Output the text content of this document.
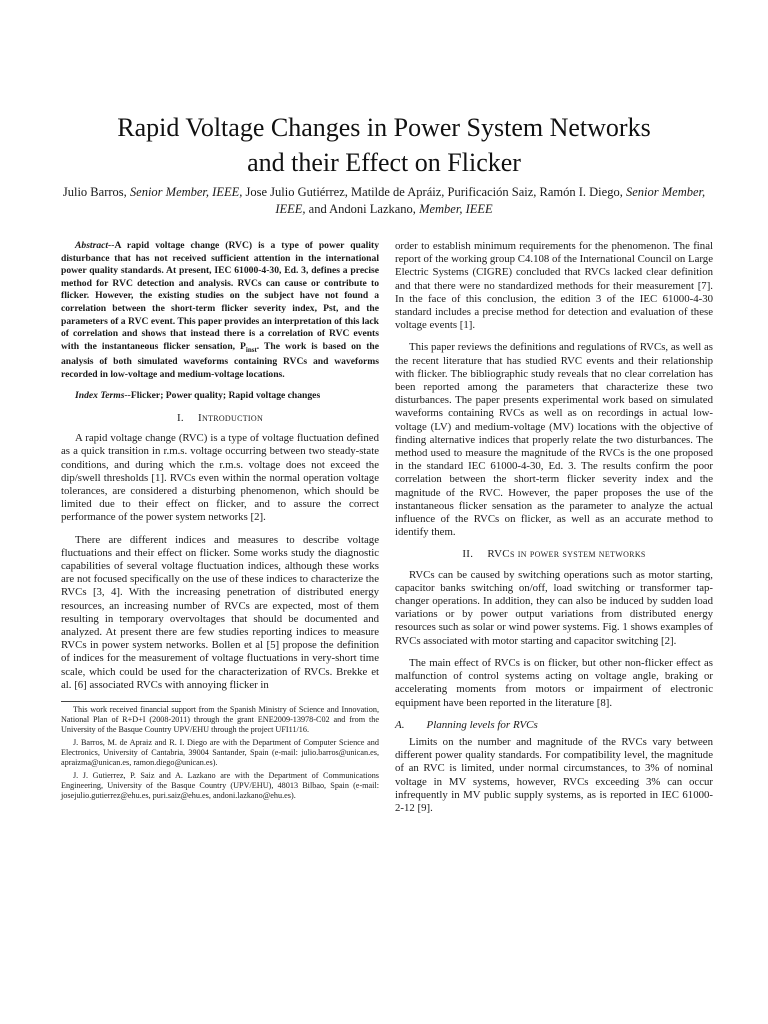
Rapid Voltage Changes in Power System Networks
and their Effect on Flicker

Julio Barros, Senior Member, IEEE, Jose Julio Gutiérrez, Matilde de Apráiz, Purificación Saiz, Ramón I. Diego, Senior Member, IEEE, and Andoni Lazkano, Member, IEEE

Abstract--A rapid voltage change (RVC) is a type of power quality disturbance that has not received sufficient attention in the international power quality standards. At present, IEC 61000-4-30, Ed. 3, defines a precise method for RVC detection and analysis. RVCs can cause or contribute to flicker. However, the existing studies on the subject have not found a correlation between the short-term flicker severity index, Pst, and the parameters of a RVC event. This paper provides an interpretation of this lack of correlation and shows that instead there is a correlation of RVC events with the instantaneous flicker sensation, $P_{inst}$. The work is based on the analysis of both simulated waveforms containing RVCs and waveforms recorded in low-voltage and medium-voltage locations.

Index Terms--Flicker; Power quality; Rapid voltage changes

I. Introduction

A rapid voltage change (RVC) is a type of voltage fluctuation defined as a quick transition in r.m.s. voltage occurring between two steady-state conditions, and during which the r.m.s. voltage does not exceed the dip/swell thresholds [1]. RVCs even within the normal operation voltage tolerances, are considered a disturbing phenomenon, which should be limited due to their effect on flicker, and to assure the correct performance of the power system networks [2].

There are different indices and measures to describe voltage fluctuations and their effect on flicker. Some works study the diagnostic capabilities of several voltage fluctuation indices, although these works are not focused specifically on the use of these indices to characterize the RVCs [3, 4]. With the increasing penetration of distributed energy resources, an increasing number of RVCs are expected, most of them resulting in temporary overvoltages that should be documented and analyzed. At present there are few studies reporting indices to measure RVCs in power system networks. Bollen et al [5] propose the definition of indices for the measurement of voltage fluctuations in very-short time scale, which could be used for the characterization of RVCs. Brekke et al. [6] associated RVCs with annoying flicker in

This work received financial support from the Spanish Ministry of Science and Innovation, National Plan of R+D+I (2008-2011) through the grant ENE2009-13978-C02 and from the University of the Basque Country UPV/EHU through the project UFI11/16.

J. Barros, M. de Apraiz and R. I. Diego are with the Department of Computer Science and Electronics, University of Cantabria, 39004 Santander, Spain (e-mail: julio.barros@unican.es, apraizma@unican.es, ramon.diego@unican.es).

J. J. Gutierrez, P. Saiz and A. Lazkano are with the Department of Communications Engineering, University of the Basque Country (UPV/EHU), 48013 Bilbao, Spain (e-mail: josejulio.gutierrez@ehu.es, puri.saiz@ehu.es, andoni.lazkano@ehu.es).

order to establish minimum requirements for the phenomenon. The final report of the working group C4.108 of the International Council on Large Electric Systems (CIGRE) concluded that RVCs lacked clear definition and that there were no standardized methods for their measurement [7]. In the face of this conclusion, the edition 3 of the IEC 61000-4-30 standard includes a precise method for detection and evaluation of these voltage events [1].

This paper reviews the definitions and regulations of RVCs, as well as the recent literature that has studied RVC events and their relationship with flicker. The bibliographic study reveals that no clear correlation has been reported among the parameters that characterize these two disturbances. The paper presents experimental work based on simulated waveforms containing RVCs as well as on recordings in actual low-voltage (LV) and medium-voltage (MV) locations with the objective of finding alternative indices that properly relate the two disturbances. The method used to measure the magnitude of the RVCs is the one proposed in the standard IEC 61000-4-30, Ed. 3. The results confirm the poor correlation between the short-term flicker severity index and the magnitude of the RVC. However, the paper proposes the use of the instantaneous flicker sensation as the parameter to analyze the actual influence of the RVCs on flicker, as well as an accurate method to identify them.

II. RVCs in power system networks

RVCs can be caused by switching operations such as motor starting, capacitor banks switching on/off, load switching or transformer tap-changer operations. In addition, they can also be induced by sudden load variations or by power output variations from distributed energy resources such as solar or wind power systems. Fig. 1 shows examples of RVCs associated with motor starting and capacitor switching [2].

The main effect of RVCs is on flicker, but other non-flicker effect as malfunction of control systems acting on voltage angle, braking or accelerating moments from motors or impairment of electronic equipment have been reported in the literature [8].

A. Planning levels for RVCs

Limits on the number and magnitude of the RVCs vary between different power quality standards. For compatibility level, the magnitude of an RVC is limited, under normal circumstances, to 3% of nominal voltage in MV systems, however, RVCs exceeding 3% can occur infrequently in MV public supply systems, as is reported in IEC 61000-2-12 [9].
